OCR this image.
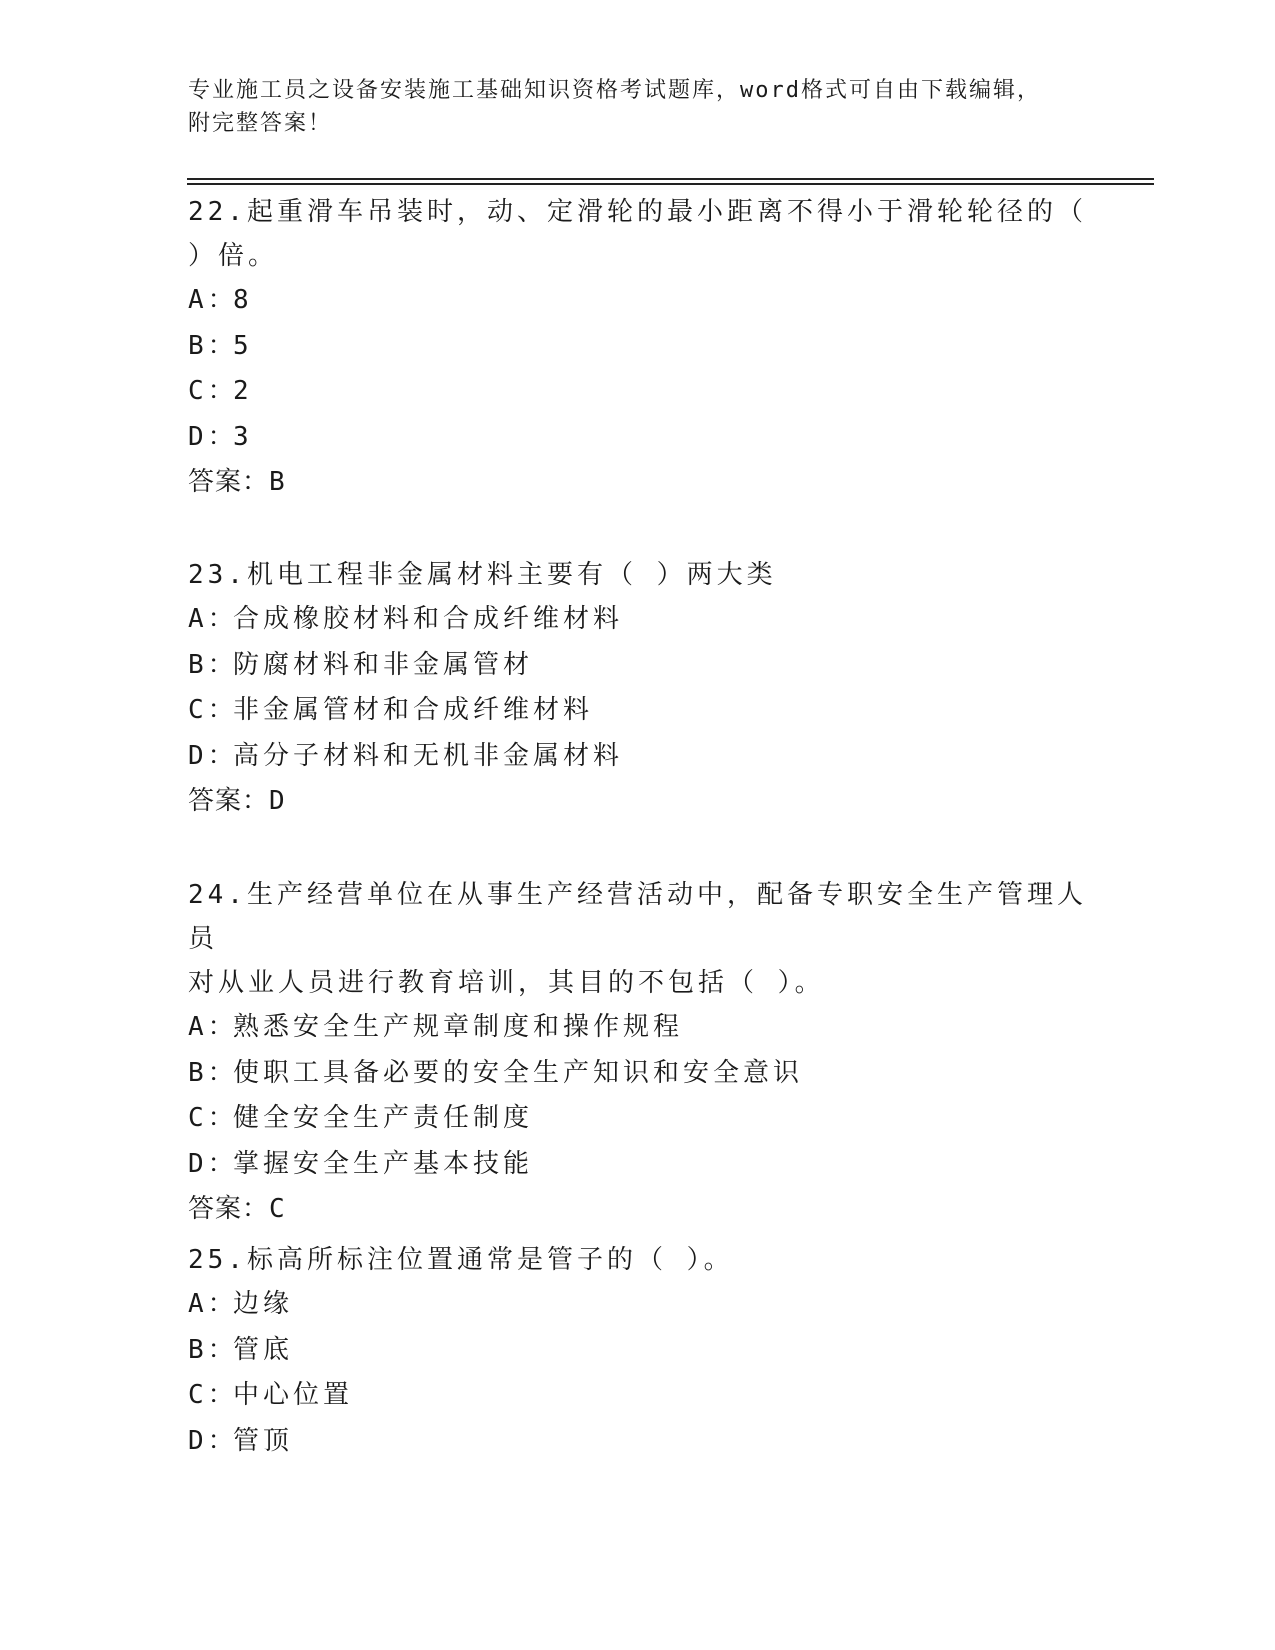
专业施工员之设备安装施工基础知识资格考试题库，word格式可自由下载编辑，
附完整答案！
22.起重滑车吊装时，动、定滑轮的最小距离不得小于滑轮轮径的（
）倍。
A：8
B：5
C：2
D：3
答案：B
23.机电工程非金属材料主要有（ ）两大类
A：合成橡胶材料和合成纤维材料
B：防腐材料和非金属管材
C：非金属管材和合成纤维材料
D：高分子材料和无机非金属材料
答案：D
24.生产经营单位在从事生产经营活动中，配备专职安全生产管理人员
对从业人员进行教育培训，其目的不包括（ ）。
A：熟悉安全生产规章制度和操作规程
B：使职工具备必要的安全生产知识和安全意识
C：健全安全生产责任制度
D：掌握安全生产基本技能
答案：C
25.标高所标注位置通常是管子的（ ）。
A：边缘
B：管底
C：中心位置
D：管顶
